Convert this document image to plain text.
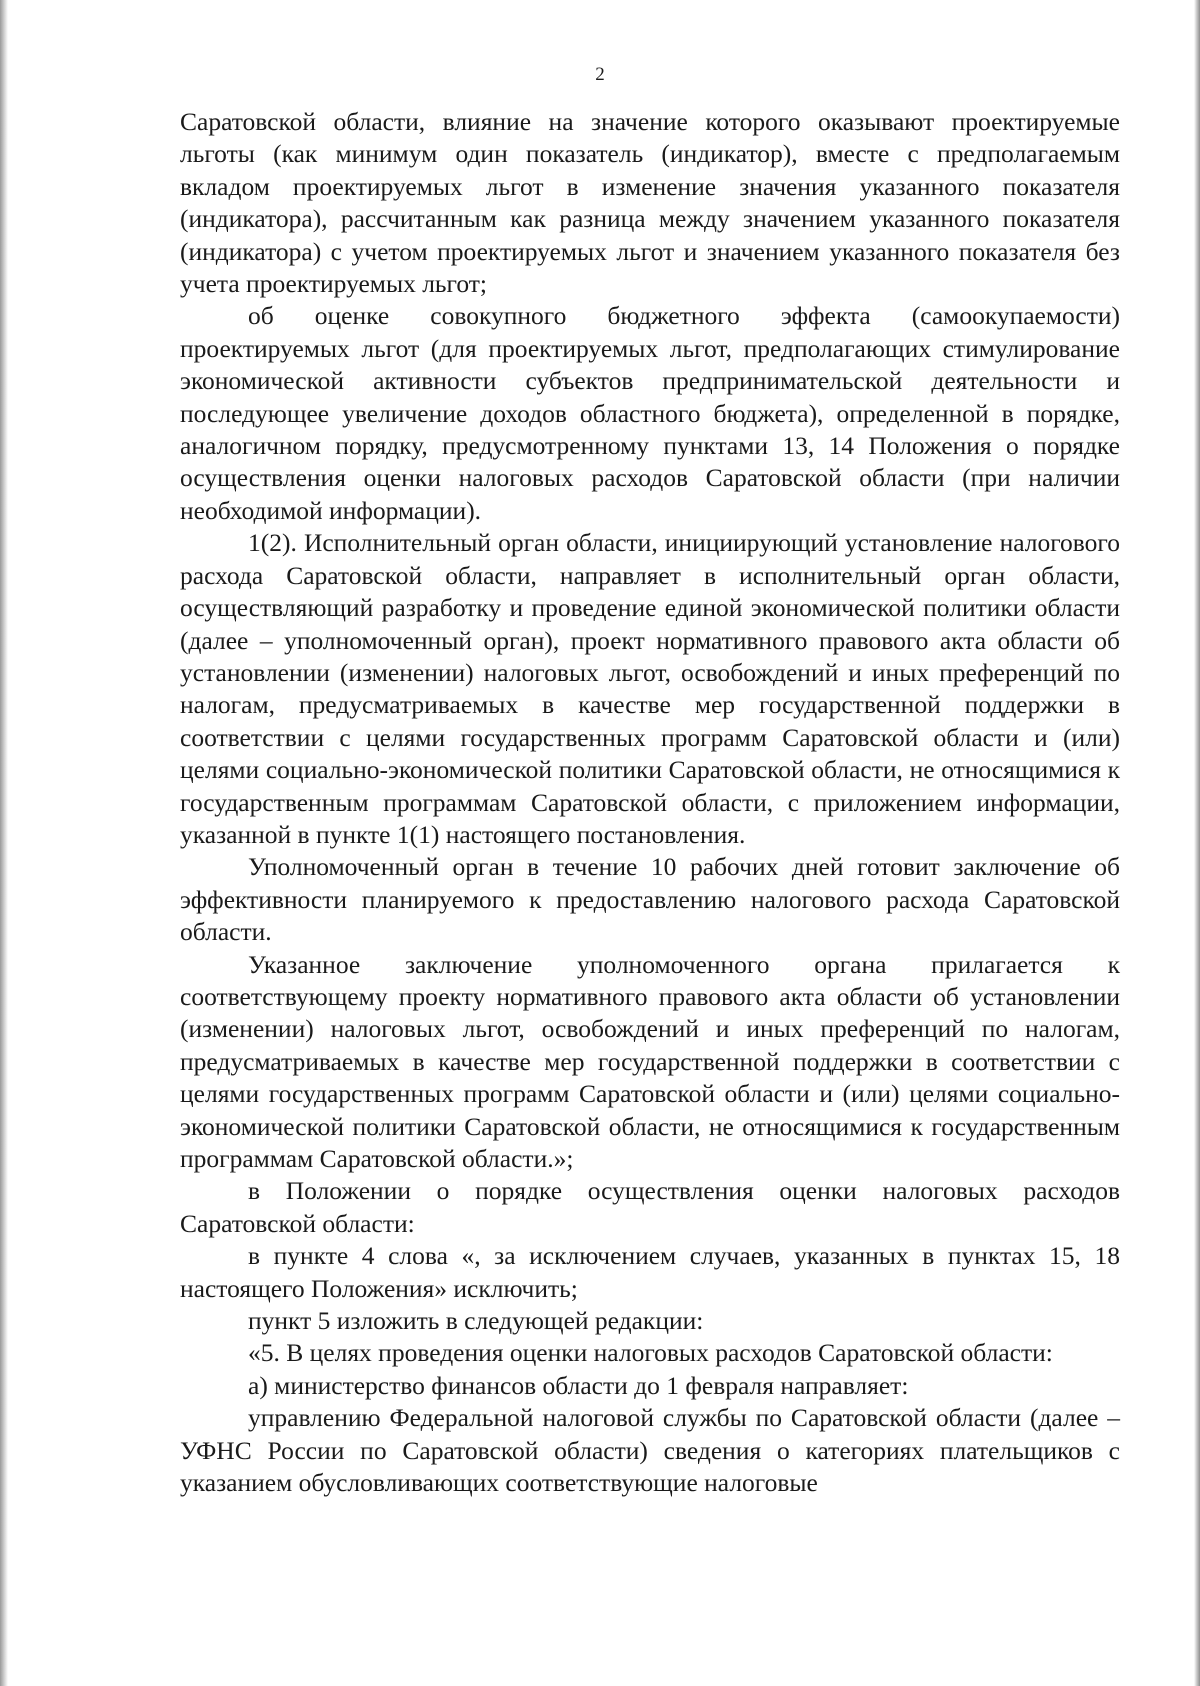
2

Саратовской области, влияние на значение которого оказывают проектируемые льготы (как минимум один показатель (индикатор), вместе с предполагаемым вкладом проектируемых льгот в изменение значения указанного показателя (индикатора), рассчитанным как разница между значением указанного показателя (индикатора) с учетом проектируемых льгот и значением указанного показателя без учета проектируемых льгот;

об оценке совокупного бюджетного эффекта (самоокупаемости) проектируемых льгот (для проектируемых льгот, предполагающих стимулирование экономической активности субъектов предпринимательской деятельности и последующее увеличение доходов областного бюджета), определенной в порядке, аналогичном порядку, предусмотренному пунктами 13, 14 Положения о порядке осуществления оценки налоговых расходов Саратовской области (при наличии необходимой информации).

1(2). Исполнительный орган области, инициирующий установление налогового расхода Саратовской области, направляет в исполнительный орган области, осуществляющий разработку и проведение единой экономической политики области (далее – уполномоченный орган), проект нормативного правового акта области об установлении (изменении) налоговых льгот, освобождений и иных преференций по налогам, предусматриваемых в качестве мер государственной поддержки в соответствии с целями государственных программ Саратовской области и (или) целями социально-экономической политики Саратовской области, не относящимися к государственным программам Саратовской области, с приложением информации, указанной в пункте 1(1) настоящего постановления.

Уполномоченный орган в течение 10 рабочих дней готовит заключение об эффективности планируемого к предоставлению налогового расхода Саратовской области.

Указанное заключение уполномоченного органа прилагается к соответствующему проекту нормативного правового акта области об установлении (изменении) налоговых льгот, освобождений и иных преференций по налогам, предусматриваемых в качестве мер государственной поддержки в соответствии с целями государственных программ Саратовской области и (или) целями социально-экономической политики Саратовской области, не относящимися к государственным программам Саратовской области.»;

в Положении о порядке осуществления оценки налоговых расходов Саратовской области:

в пункте 4 слова «, за исключением случаев, указанных в пунктах 15, 18 настоящего Положения» исключить;

пункт 5 изложить в следующей редакции:

«5. В целях проведения оценки налоговых расходов Саратовской области:

а) министерство финансов области до 1 февраля направляет:

управлению Федеральной налоговой службы по Саратовской области (далее – УФНС России по Саратовской области) сведения о категориях плательщиков с указанием обусловливающих соответствующие налоговые
